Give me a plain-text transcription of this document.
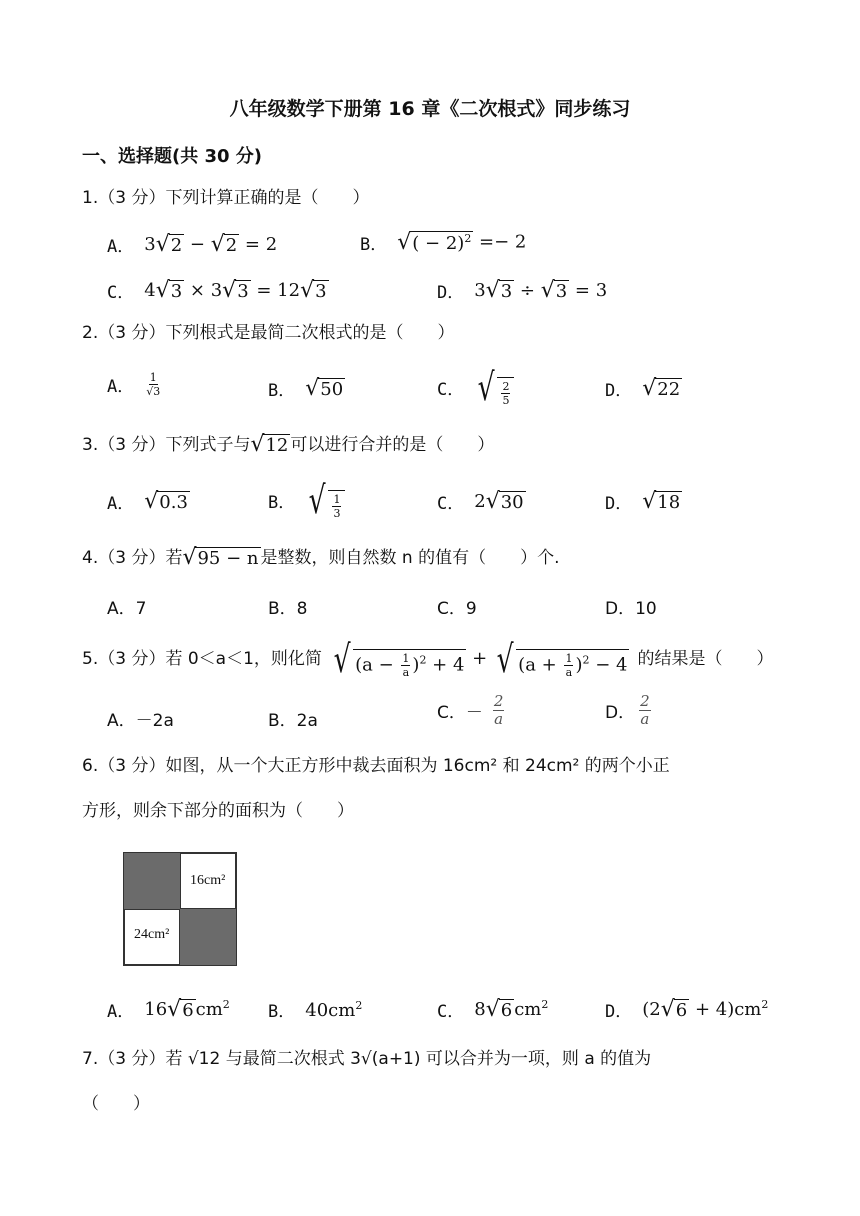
八年级数学下册第 16 章《二次根式》同步练习
一、选择题(共 30 分)
1.（3 分）下列计算正确的是（　　）
A． 3 √ 2 − √ 2 = 2	B． √ ( − 2)$^2$ =− 2
C． 4 √ 3 × 3 √ 3 = 12 √ 3	D． 3 √ 3 ÷ √ 3 = 3
2.（3 分）下列根式是最简二次根式的是（　　）
A． $\frac{1}{√3}$	B． √ 50	C． √ $\frac{2}{5}$	D． √ 22
3.（3 分）下列式子与 √ 12 可以进行合并的是（　　）
A． √ 0.3	B． √ $\frac{1}{3}$	C． 2 √ 30	D． √ 18
4.（3 分）若 √ 95 − n 是整数，则自然数 n 的值有（　　）个.
A．7	B．8	C．9	D．10
5.（3 分）若 0＜a＜1，则化简 √ $(a - \frac{1}{a} )^2 + 4$ + √ $(a + \frac{1}{a} )^2 - 4$ 的结果是（　　）
A．－2a	B．2a	C．－ $\frac{2}{a}$	D． $\frac{2}{a}$
6.（3 分）如图，从一个大正方形中裁去面积为 16cm² 和 24cm² 的两个小正
方形，则余下部分的面积为（　　）
16cm²
24cm²
A． 16 √ 6 $cm^2$ B． $40cm^2$	C． 8 √ 6 $cm^2$	D． (2 √ $6 + 4)cm^2$
7.（3 分）若 √12 与最简二次根式 3√(a+1) 可以合并为一项，则 a 的值为
（　　）
